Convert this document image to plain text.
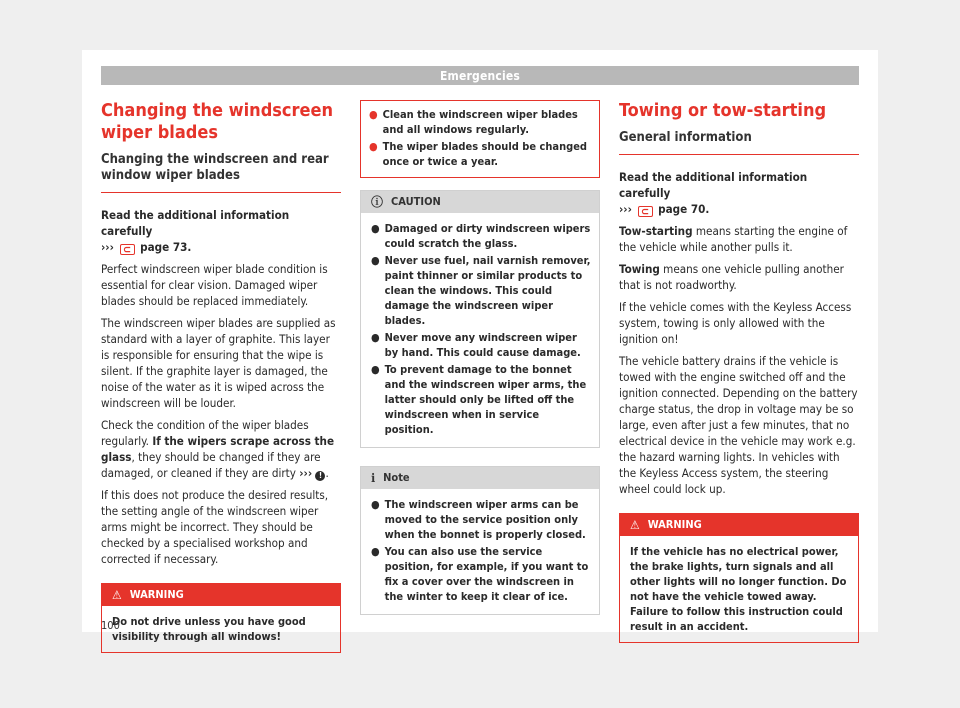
Emergencies
Changing the windscreen wiper blades
Changing the windscreen and rear window wiper blades

Read the additional information carefully
››› ⊂ page 73.

Perfect windscreen wiper blade condition is essential for clear vision. Damaged wiper blades should be replaced immediately.

The windscreen wiper blades are supplied as standard with a layer of graphite. This layer is responsible for ensuring that the wipe is silent. If the graphite layer is damaged, the noise of the water as it is wiped across the windscreen will be louder.

Check the condition of the wiper blades regularly. If the wipers scrape across the glass, they should be changed if they are damaged, or cleaned if they are dirty ››› ! .

If this does not produce the desired results, the setting angle of the windscreen wiper arms might be incorrect. They should be checked by a specialised workshop and corrected if necessary.

⚠ WARNING
Do not drive unless you have good visibility through all windows!
● Clean the windscreen wiper blades and all windows regularly.
● The wiper blades should be changed once or twice a year.
ⓘ CAUTION
● Damaged or dirty windscreen wipers could scratch the glass.
● Never use fuel, nail varnish remover, paint thinner or similar products to clean the windows. This could damage the windscreen wiper blades.
● Never move any windscreen wiper by hand. This could cause damage.
● To prevent damage to the bonnet and the windscreen wiper arms, the latter should only be lifted off the windscreen when in service position.
ℹ Note
● The windscreen wiper arms can be moved to the service position only when the bonnet is properly closed.
● You can also use the service position, for example, if you want to fix a cover over the windscreen in the winter to keep it clear of ice.
Towing or tow-starting
General information

Read the additional information carefully
››› ⊂ page 70.

Tow-starting means starting the engine of the vehicle while another pulls it.

Towing means one vehicle pulling another that is not roadworthy.

If the vehicle comes with the Keyless Access system, towing is only allowed with the ignition on!

The vehicle battery drains if the vehicle is towed with the engine switched off and the ignition connected. Depending on the battery charge status, the drop in voltage may be so large, even after just a few minutes, that no electrical device in the vehicle may work e.g. the hazard warning lights. In vehicles with the Keyless Access system, the steering wheel could lock up.

⚠ WARNING
If the vehicle has no electrical power, the brake lights, turn signals and all other lights will no longer function. Do not have the vehicle towed away. Failure to follow this instruction could result in an accident.
100
